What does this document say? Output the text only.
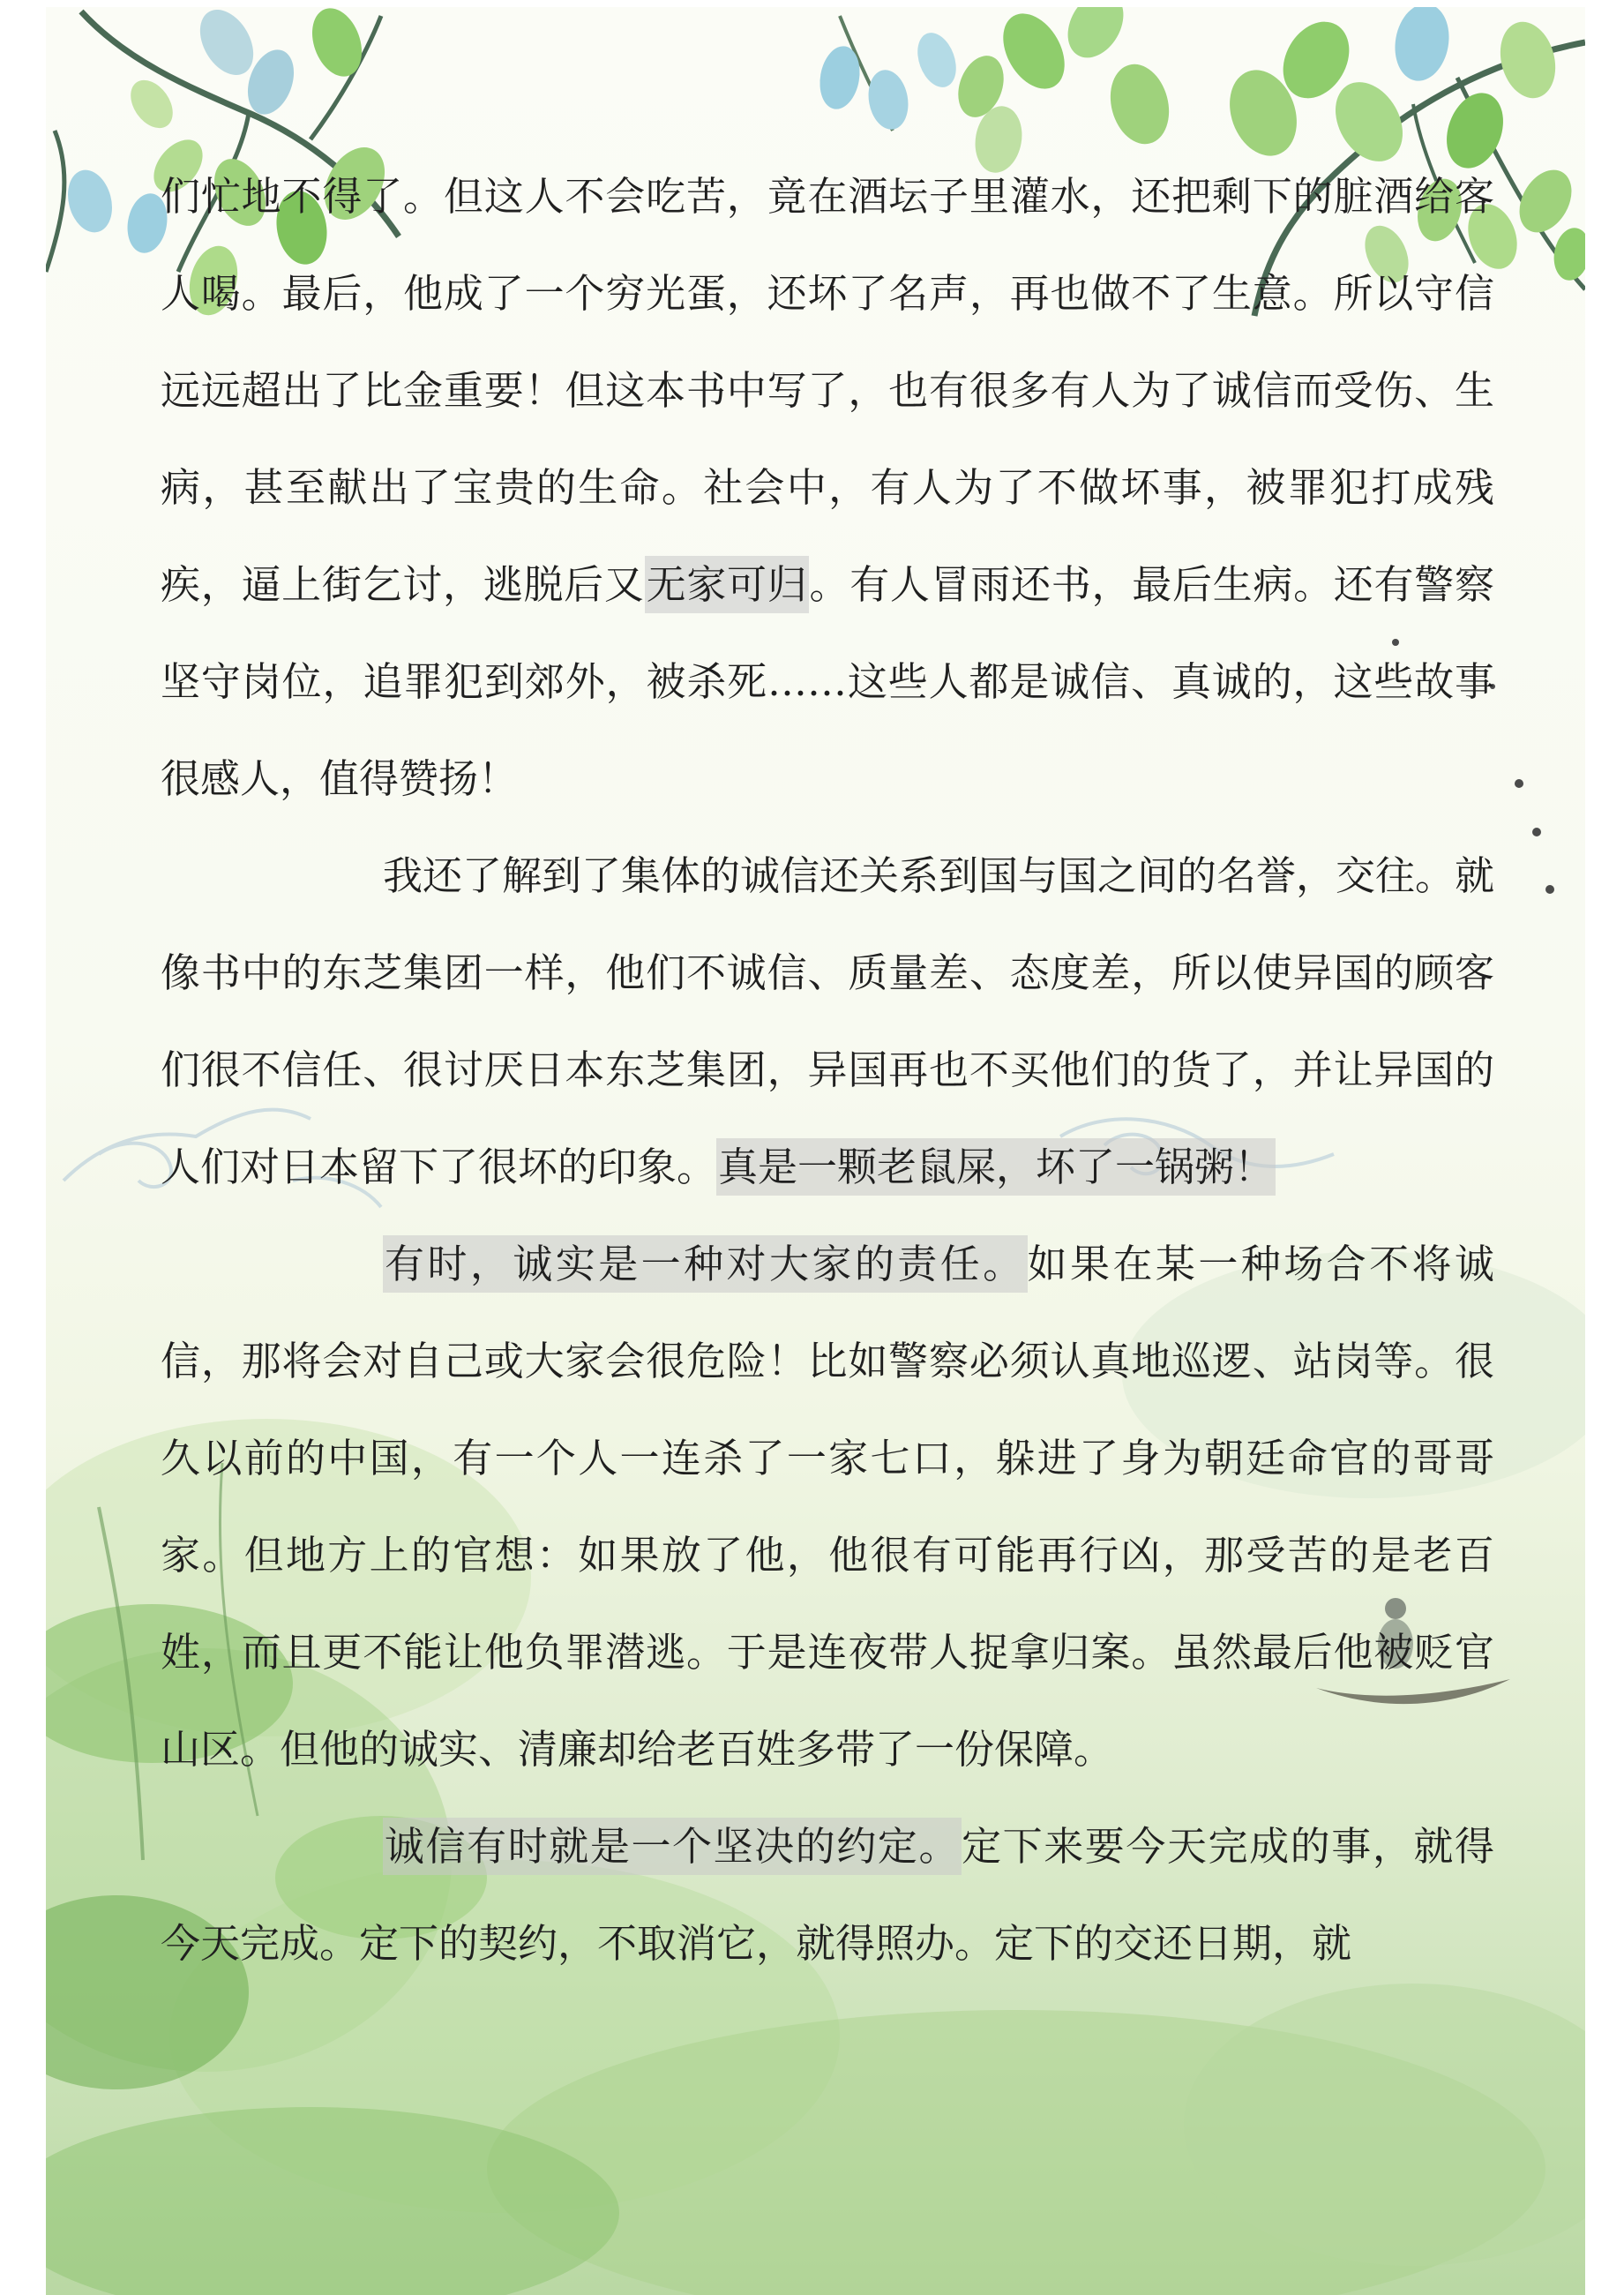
们忙地不得了。但这人不会吃苦，竟在酒坛子里灌水，还把剩下的脏酒给客人喝。最后，他成了一个穷光蛋，还坏了名声，再也做不了生意。所以守信远远超出了比金重要！但这本书中写了，也有很多有人为了诚信而受伤、生病，甚至献出了宝贵的生命。社会中，有人为了不做坏事，被罪犯打成残疾，逼上街乞讨，逃脱后又无家可归。有人冒雨还书，最后生病。还有警察坚守岗位，追罪犯到郊外，被杀死……这些人都是诚信、真诚的，这些故事很感人，值得赞扬！

我还了解到了集体的诚信还关系到国与国之间的名誉，交往。就像书中的东芝集团一样，他们不诚信、质量差、态度差，所以使异国的顾客们很不信任、很讨厌日本东芝集团，异国再也不买他们的货了，并让异国的人们对日本留下了很坏的印象。真是一颗老鼠屎，坏了一锅粥！

有时，诚实是一种对大家的责任。如果在某一种场合不将诚信，那将会对自己或大家会很危险！比如警察必须认真地巡逻、站岗等。很久以前的中国，有一个人一连杀了一家七口，躲进了身为朝廷命官的哥哥家。但地方上的官想：如果放了他，他很有可能再行凶，那受苦的是老百姓，而且更不能让他负罪潜逃。于是连夜带人捉拿归案。虽然最后他被贬官山区。但他的诚实、清廉却给老百姓多带了一份保障。

诚信有时就是一个坚决的约定。定下来要今天完成的事，就得今天完成。定下的契约，不取消它，就得照办。定下的交还日期，就
